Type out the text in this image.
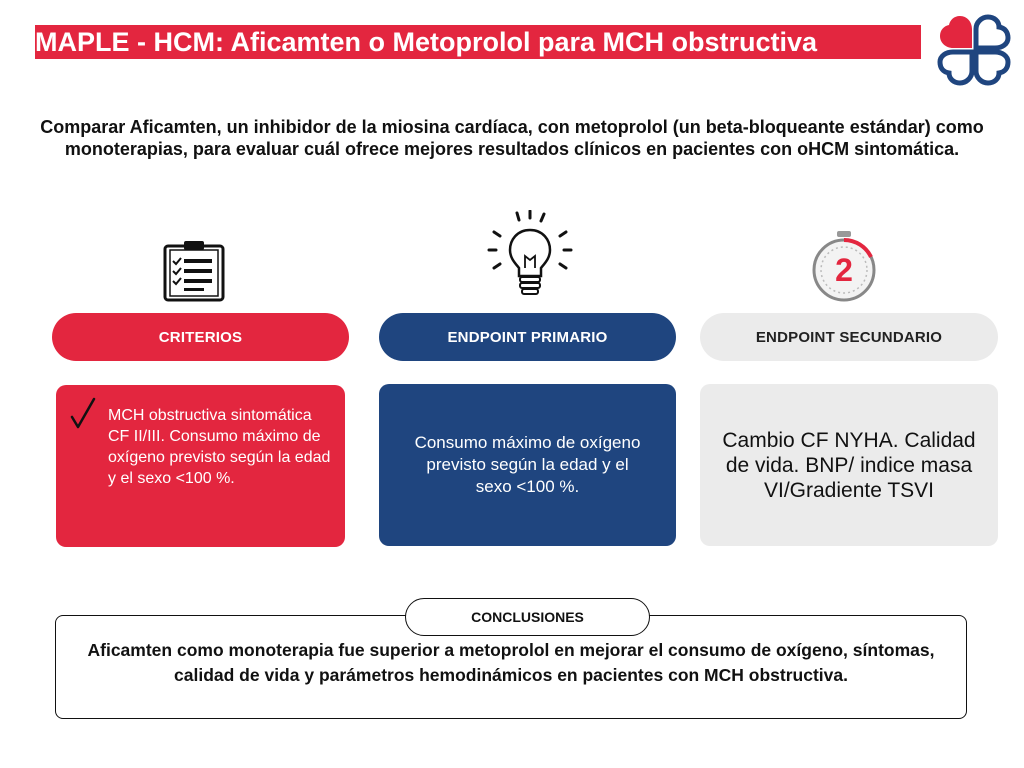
MAPLE - HCM: Aficamten o Metoprolol para MCH obstructiva
Comparar Aficamten, un inhibidor de la miosina cardíaca, con metoprolol (un beta-bloqueante estándar) como monoterapias, para evaluar cuál ofrece mejores resultados clínicos en pacientes con oHCM sintomática.
2
CRITERIOS	ENDPOINT PRIMARIO	ENDPOINT SECUNDARIO
MCH obstructiva sintomática CF II/III. Consumo máximo de oxígeno previsto según la edad y el sexo <100 %.
Consumo máximo de oxígeno previsto según la edad y el sexo <100 %.
Cambio CF NYHA. Calidad de vida. BNP/ indice masa VI/Gradiente TSVI
CONCLUSIONES
Aficamten como monoterapia fue superior a metoprolol en mejorar el consumo de oxígeno, síntomas, calidad de vida y parámetros hemodinámicos en pacientes con MCH obstructiva.
